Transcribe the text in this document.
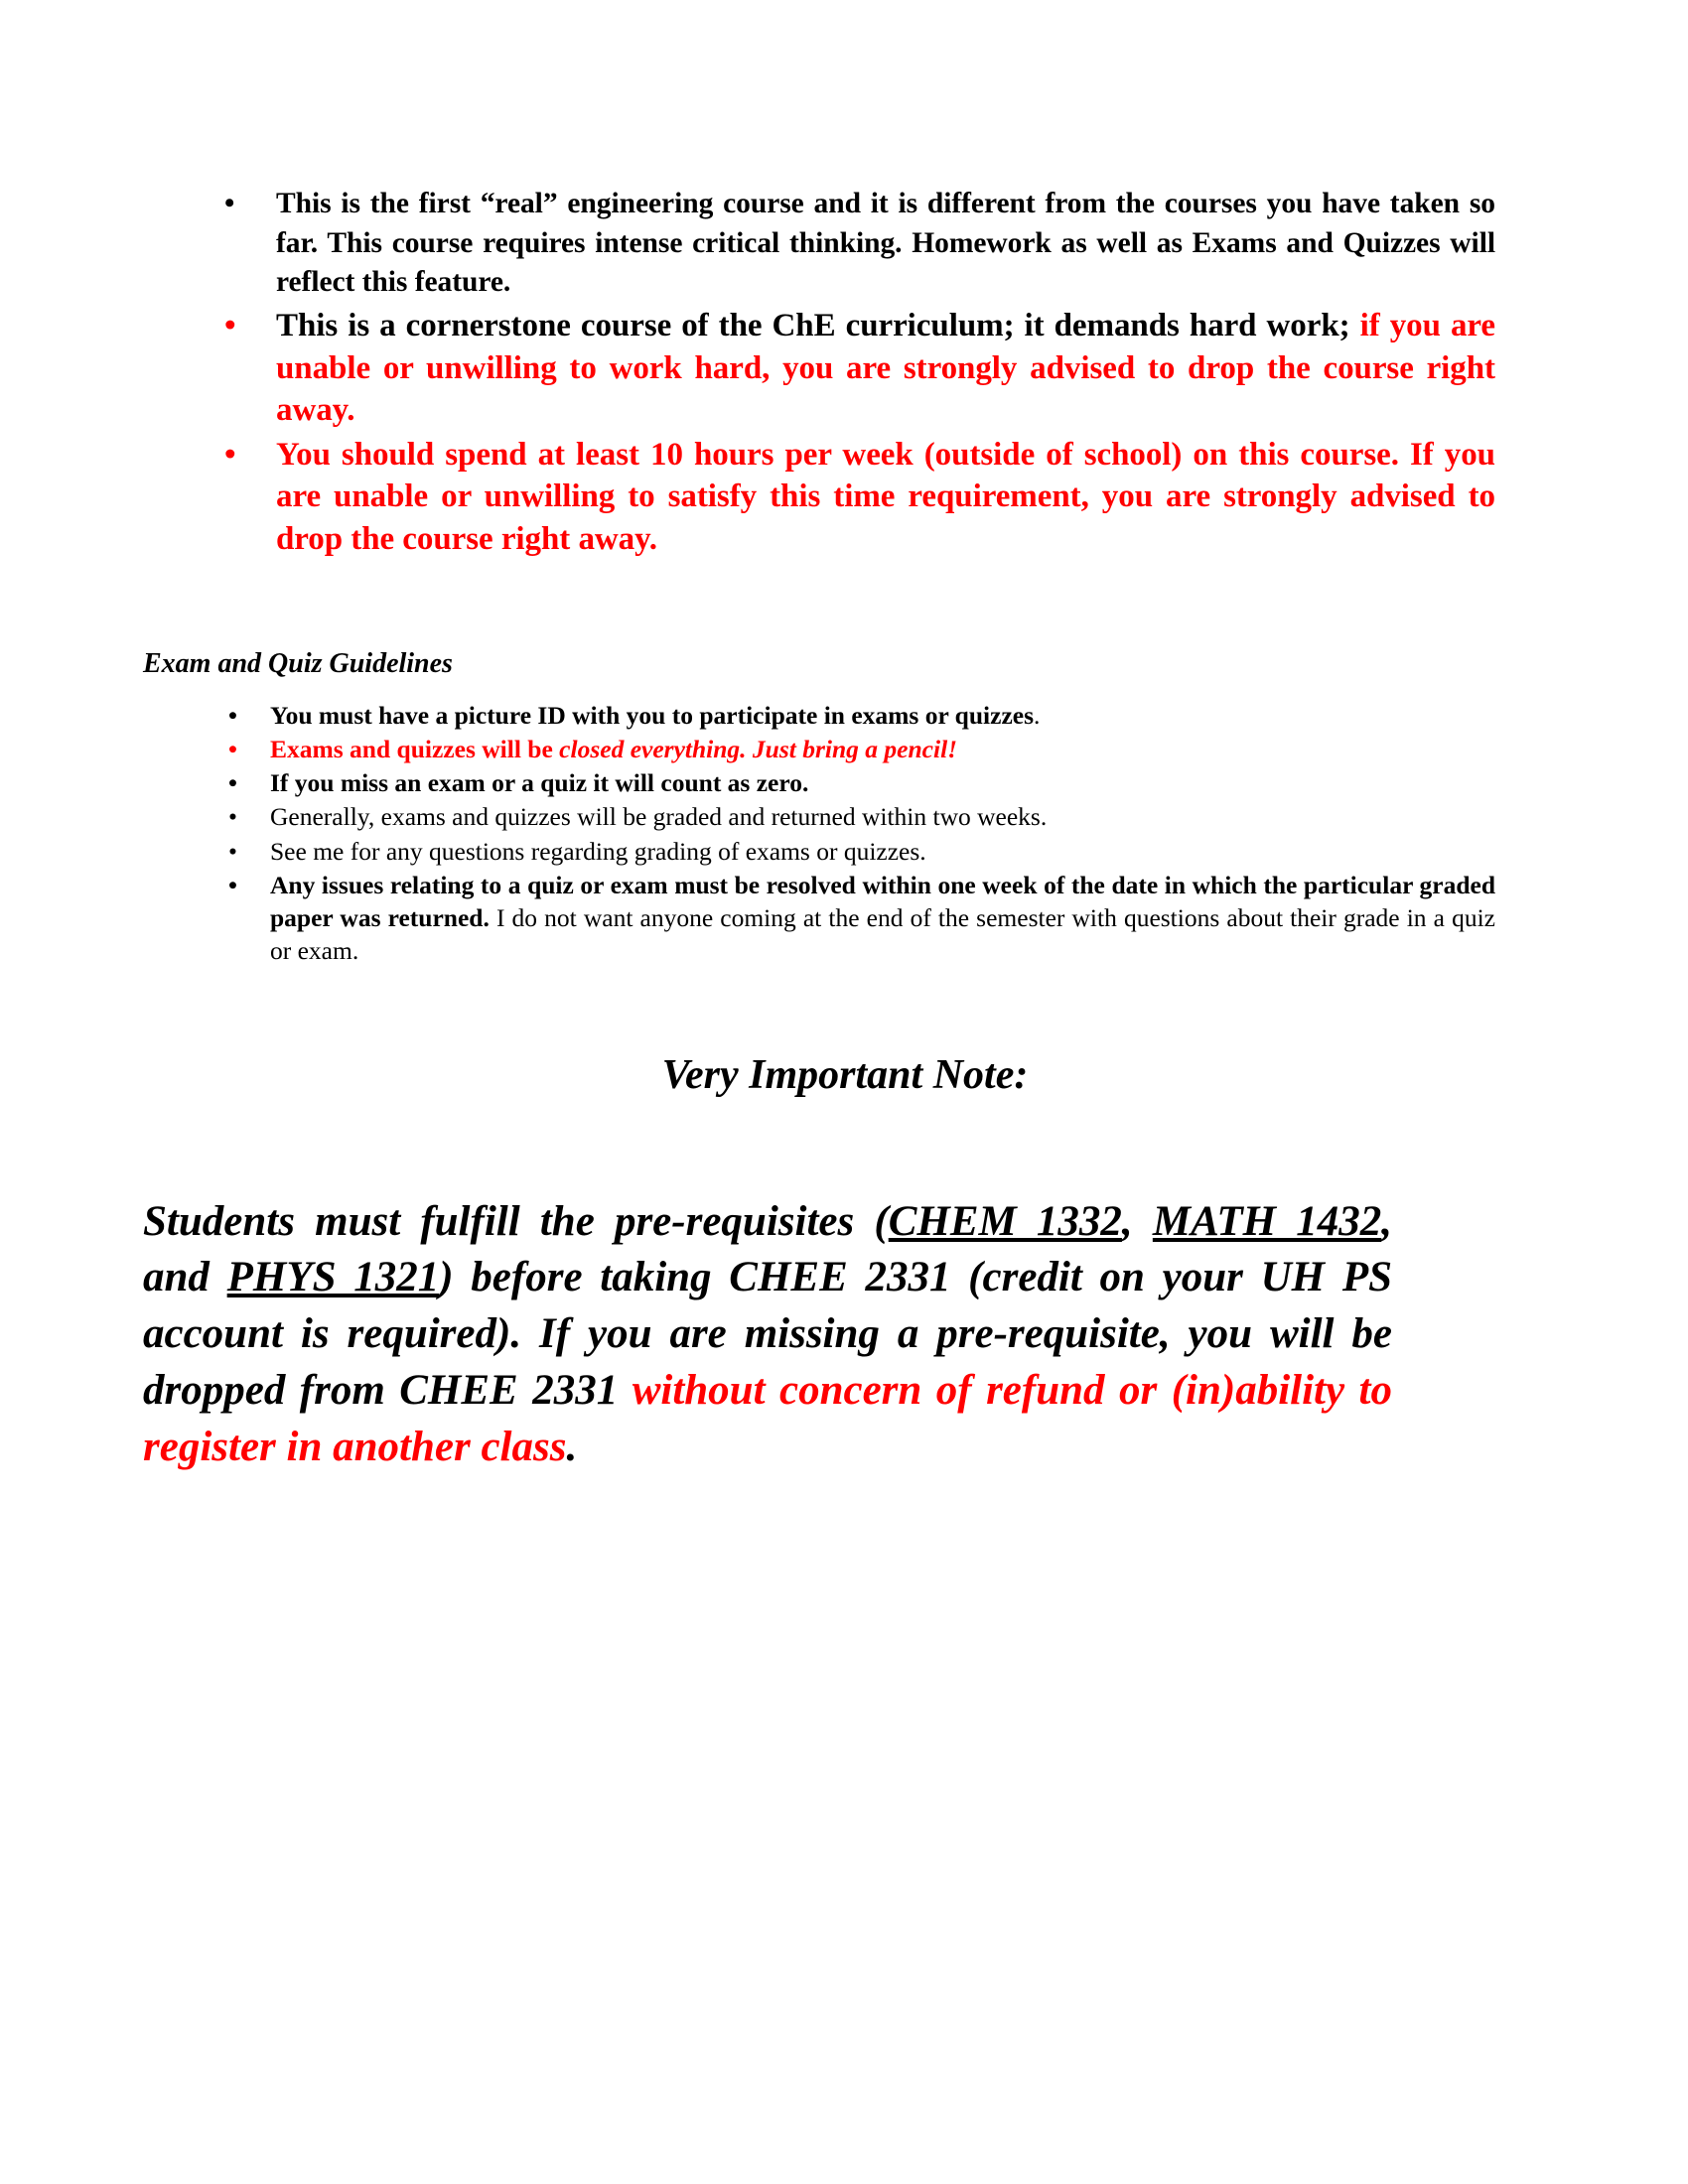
• This is the first “real” engineering course and it is different from the courses you have taken so far. This course requires intense critical thinking. Homework as well as Exams and Quizzes will reflect this feature.
• This is a cornerstone course of the ChE curriculum; it demands hard work; if you are unable or unwilling to work hard, you are strongly advised to drop the course right away.
• You should spend at least 10 hours per week (outside of school) on this course. If you are unable or unwilling to satisfy this time requirement, you are strongly advised to drop the course right away.
Exam and Quiz Guidelines
• You must have a picture ID with you to participate in exams or quizzes.
• Exams and quizzes will be closed everything. Just bring a pencil!
• If you miss an exam or a quiz it will count as zero.
• Generally, exams and quizzes will be graded and returned within two weeks.
• See me for any questions regarding grading of exams or quizzes.
• Any issues relating to a quiz or exam must be resolved within one week of the date in which the particular graded paper was returned. I do not want anyone coming at the end of the semester with questions about their grade in a quiz or exam.
Very Important Note:
Students must fulfill the pre-requisites (CHEM 1332, MATH 1432, and PHYS 1321) before taking CHEE 2331 (credit on your UH PS account is required). If you are missing a pre-requisite, you will be dropped from CHEE 2331 without concern of refund or (in)ability to register in another class.
